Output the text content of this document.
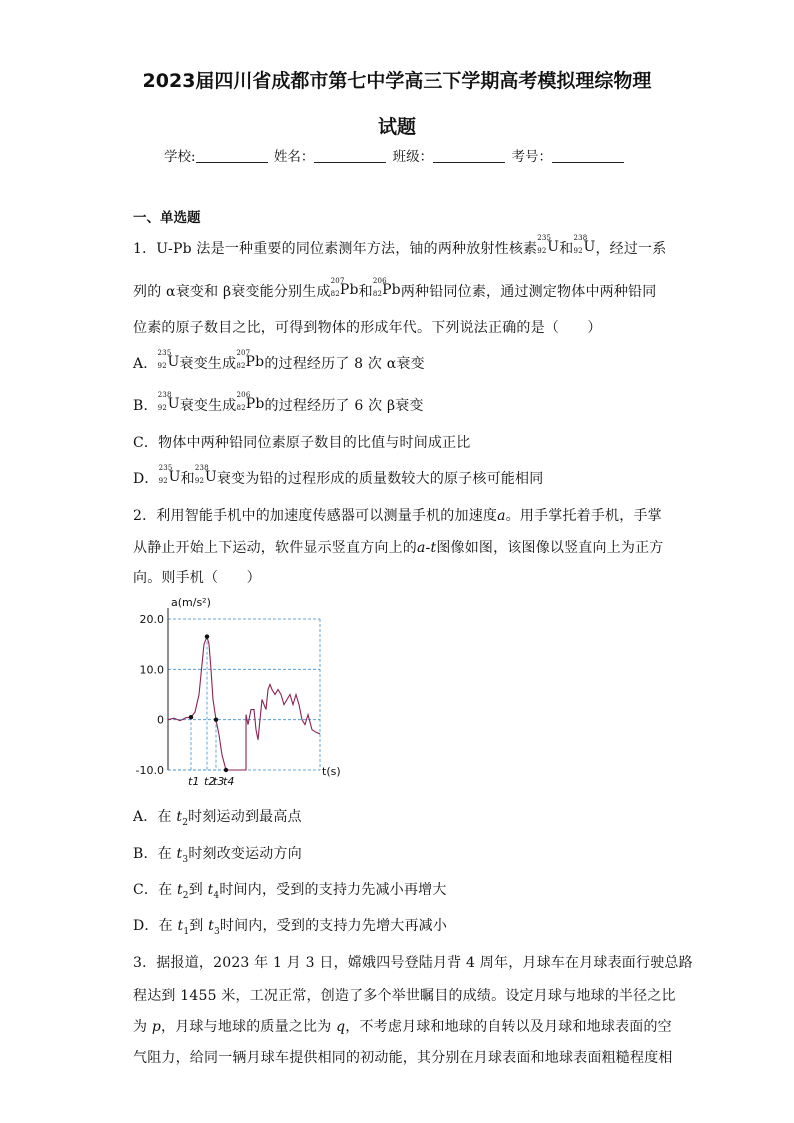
2023届四川省成都市第七中学高三下学期高考模拟理综物理
试题
学校:	姓名：	班级：	考号：
一、单选题
1．U-Pb 法是一种重要的同位素测年方法，铀的两种放射性核素
235
92 U 和
238
92 U ，经过一系
列的 α衰变和 β衰变能分别生成
207
82 Pb 和
206
82 Pb 两种铅同位素，通过测定物体中两种铅同
位素的原子数目之比，可得到物体的形成年代。下列说法正确的是（　　）
A．
235
92 U 衰变生成
207
82 Pb 的过程经历了 8 次 α衰变
B．
238
92 U 衰变生成
206
82 Pb 的过程经历了 6 次 β衰变
C．物体中两种铅同位素原子数目的比值与时间成正比
D．
235
92 U 和
238
92 U 衰变为铅的过程形成的质量数较大的原子核可能相同
2．利用智能手机中的加速度传感器可以测量手机的加速度a。用手掌托着手机，手掌
从静止开始上下运动，软件显示竖直方向上的a-t图像如图，该图像以竖直向上为正方
向。则手机（　　）
20.0
10.0
0
-10.0
a(m/s²)
t(s)
t1 t2
t3
t4
A．在 $t_2$时刻运动到最高点
B．在 $t_3$时刻改变运动方向
C．在 $t_2$到 $t_4$时间内，受到的支持力先减小再增大
D．在 $t_1$到 $t_3$时间内，受到的支持力先增大再减小
3．据报道，2023 年 1 月 3 日，嫦娥四号登陆月背 4 周年，月球车在月球表面行驶总路
程达到 1455 米，工况正常，创造了多个举世瞩目的成绩。设定月球与地球的半径之比
为 p，月球与地球的质量之比为 q，不考虑月球和地球的自转以及月球和地球表面的空
气阻力，给同一辆月球车提供相同的初动能，其分别在月球表面和地球表面粗糙程度相
